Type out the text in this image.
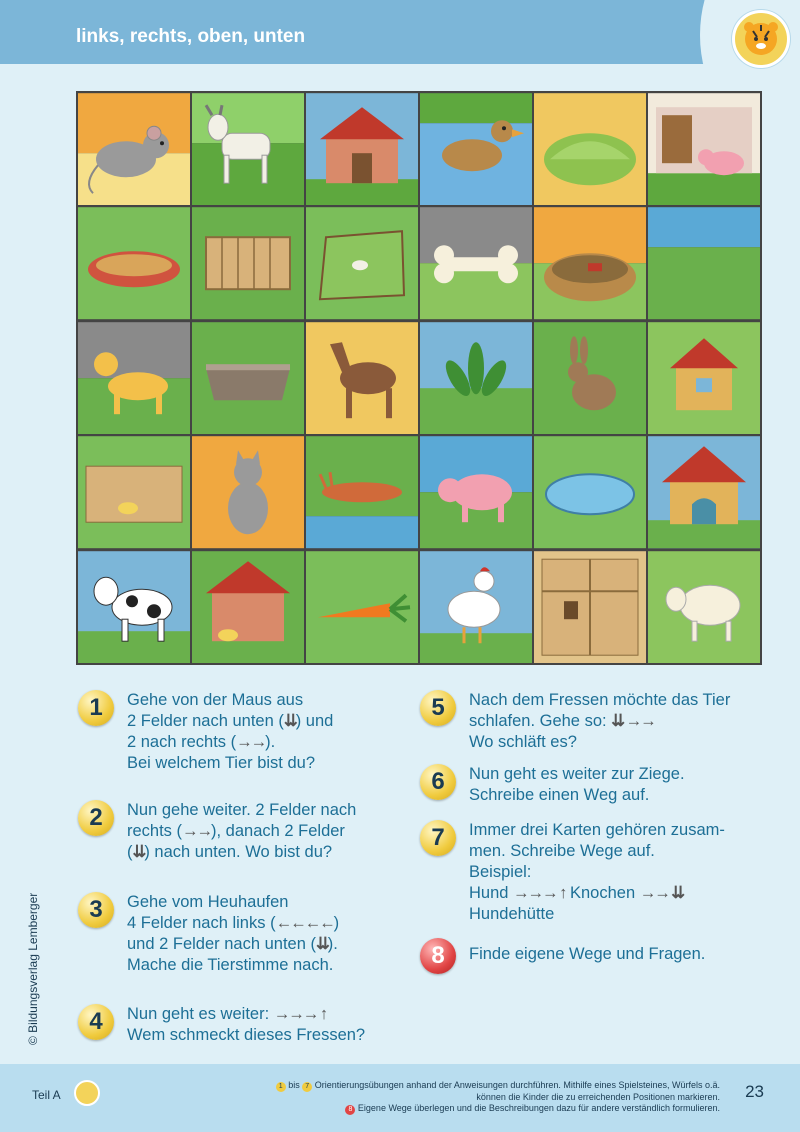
links, rechts, oben, unten
1	Gehe von der Maus aus
2 Felder nach unten (⇊) und
2 nach rechts (→→).
Bei welchem Tier bist du?
2	Nun gehe weiter. 2 Felder nach
rechts (→→), danach 2 Felder
(⇊) nach unten. Wo bist du?
3	Gehe vom Heuhaufen
4 Felder nach links (←←←←)
und 2 Felder nach unten (⇊).
Mache die Tierstimme nach.
4	Nun geht es weiter: →→→ ↑
Wem schmeckt dieses Fressen?
5	Nach dem Fressen möchte das Tier
schlafen. Gehe so: ⇊ →→
Wo schläft es?
6	Nun geht es weiter zur Ziege.
Schreibe einen Weg auf.
7	Immer drei Karten gehören zusam-
men. Schreibe Wege auf.
Beispiel:
Hund →→→ ↑ Knochen →→ ⇊
Hundehütte
8	Finde eigene Wege und Fragen.
© Bildungsverlag Lemberger
Teil A
1 bis 7 Orientierungsübungen anhand der Anweisungen durchführen. Mithilfe eines Spielsteines, Würfels o.ä.
können die Kinder die zu erreichenden Positionen markieren.
8 Eigene Wege überlegen und die Beschreibungen dazu für andere verständlich formulieren.
23
